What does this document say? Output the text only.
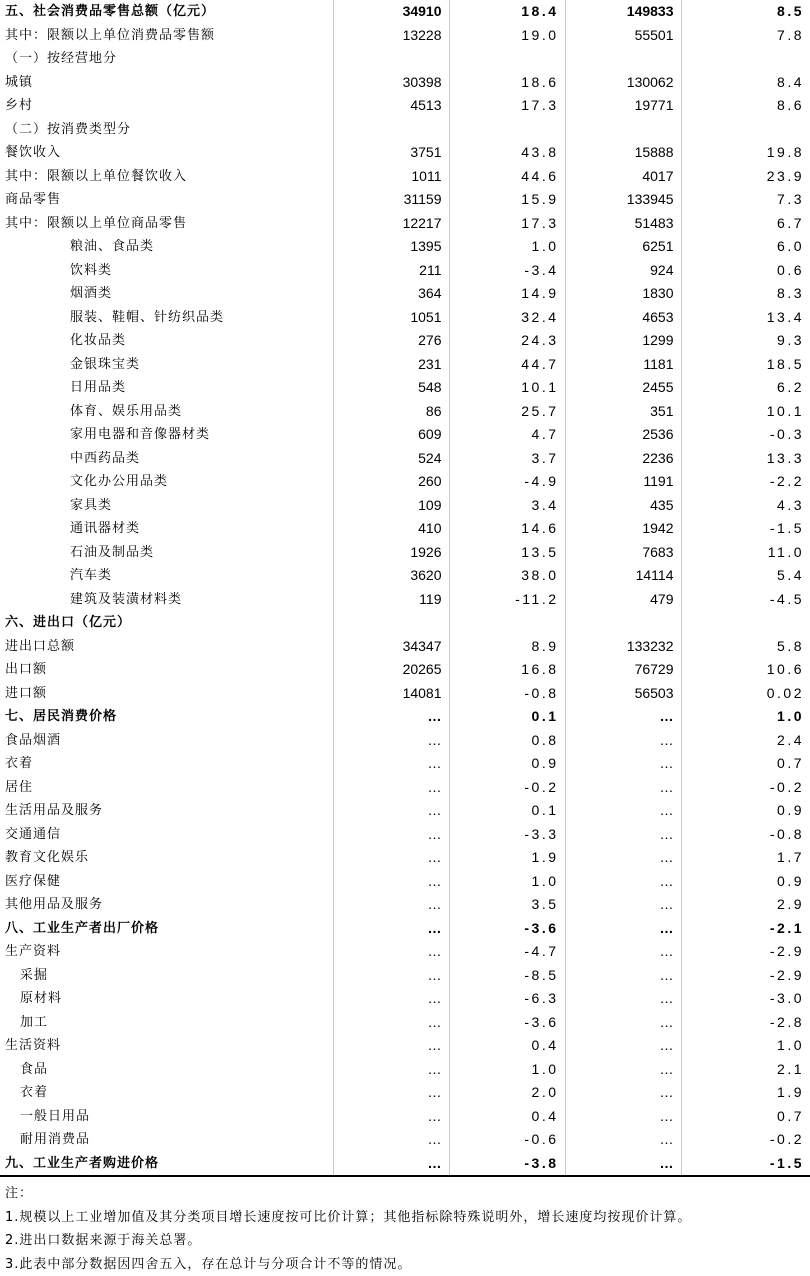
五、社会消费品零售总额（亿元）	34910	18.4	149833	8.5
其中：限额以上单位消费品零售额	13228	19.0	55501	7.8
（一）按经营地分				
城镇	30398	18.6	130062	8.4
乡村	4513	17.3	19771	8.6
（二）按消费类型分				
餐饮收入	3751	43.8	15888	19.8
其中：限额以上单位餐饮收入	1011	44.6	4017	23.9
商品零售	31159	15.9	133945	7.3
其中：限额以上单位商品零售	12217	17.3	51483	6.7
粮油、食品类	1395	1.0	6251	6.0
饮料类	211	-3.4	924	0.6
烟酒类	364	14.9	1830	8.3
服装、鞋帽、针纺织品类	1051	32.4	4653	13.4
化妆品类	276	24.3	1299	9.3
金银珠宝类	231	44.7	1181	18.5
日用品类	548	10.1	2455	6.2
体育、娱乐用品类	86	25.7	351	10.1
家用电器和音像器材类	609	4.7	2536	-0.3
中西药品类	524	3.7	2236	13.3
文化办公用品类	260	-4.9	1191	-2.2
家具类	109	3.4	435	4.3
通讯器材类	410	14.6	1942	-1.5
石油及制品类	1926	13.5	7683	11.0
汽车类	3620	38.0	14114	5.4
建筑及装潢材料类	119	-11.2	479	-4.5
六、进出口（亿元）				
进出口总额	34347	8.9	133232	5.8
出口额	20265	16.8	76729	10.6
进口额	14081	-0.8	56503	0.02
七、居民消费价格	…	0.1	…	1.0
食品烟酒	…	0.8	…	2.4
衣着	…	0.9	…	0.7
居住	…	-0.2	…	-0.2
生活用品及服务	…	0.1	…	0.9
交通通信	…	-3.3	…	-0.8
教育文化娱乐	…	1.9	…	1.7
医疗保健	…	1.0	…	0.9
其他用品及服务	…	3.5	…	2.9
八、工业生产者出厂价格	…	-3.6	…	-2.1
生产资料	…	-4.7	…	-2.9
采掘	…	-8.5	…	-2.9
原材料	…	-6.3	…	-3.0
加工	…	-3.6	…	-2.8
生活资料	…	0.4	…	1.0
食品	…	1.0	…	2.1
衣着	…	2.0	…	1.9
一般日用品	…	0.4	…	0.7
耐用消费品	…	-0.6	…	-0.2
九、工业生产者购进价格	…	-3.8	…	-1.5
注：
1.规模以上工业增加值及其分类项目增长速度按可比价计算；其他指标除特殊说明外，增长速度均按现价计算。
2.进出口数据来源于海关总署。
3.此表中部分数据因四舍五入，存在总计与分项合计不等的情况。
